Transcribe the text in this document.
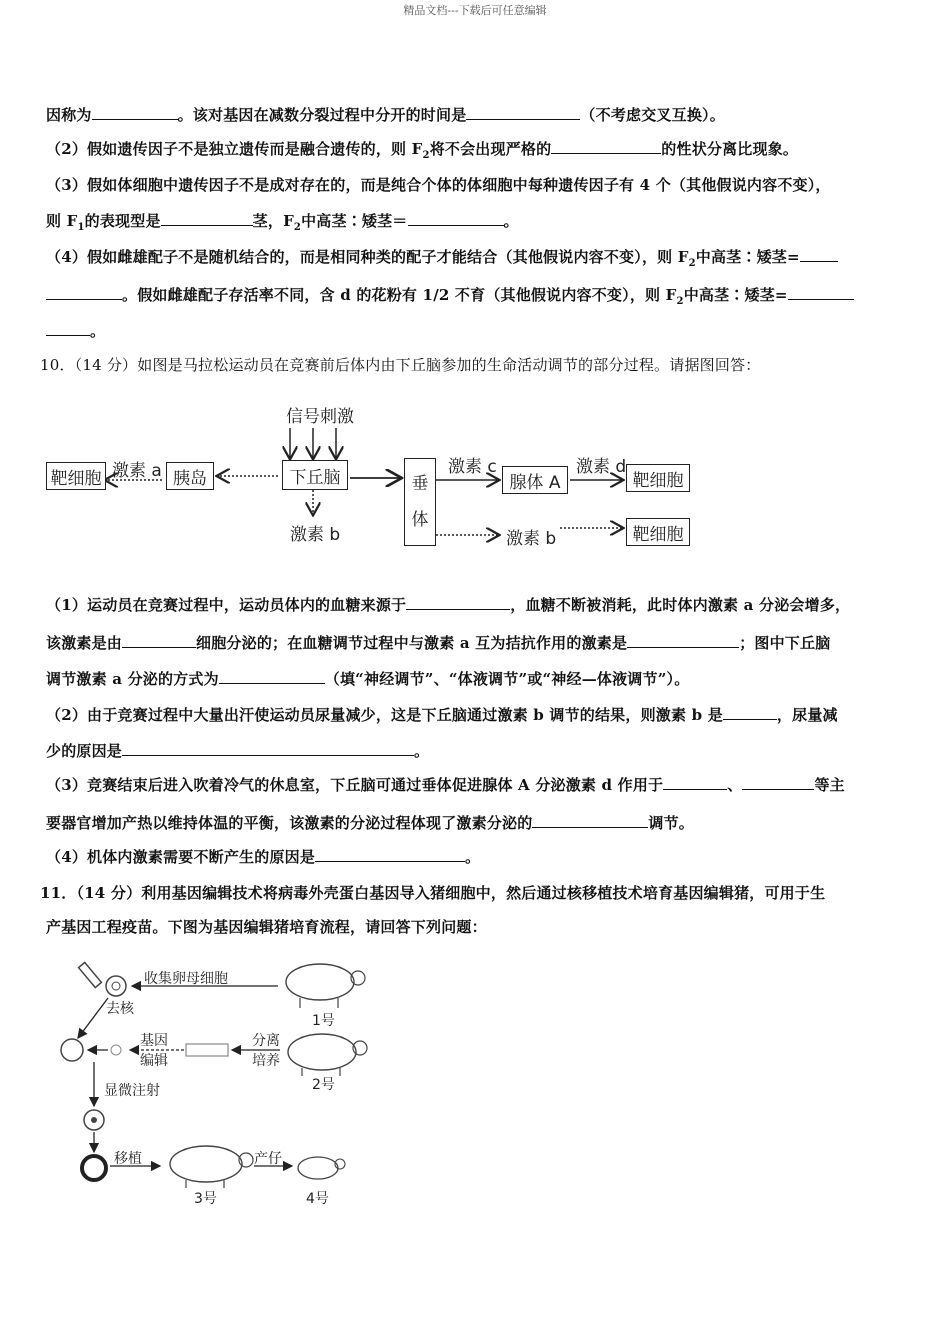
精品文档---下载后可任意编辑
因称为	。该对基因在减数分裂过程中分开的时间是	（不考虑交叉互换）。
（2）假如遗传因子不是独立遗传而是融合遗传的，则 $F_2$将不会出现严格的	的性状分离比现象。
（3）假如体细胞中遗传因子不是成对存在的，而是纯合个体的体细胞中每种遗传因子有 4 个（其他假说内容不变），
则 $F_1$的表现型是	茎，$F_2$中高茎∶矮茎＝	。
（4）假如雌雄配子不是随机结合的，而是相同种类的配子才能结合（其他假说内容不变），则 $F_2$中高茎∶矮茎=
。假如雌雄配子存活率不同，含 d 的花粉有 1/2 不育（其他假说内容不变），则 $F_2$中高茎∶矮茎=
。
10．（14 分）如图是马拉松运动员在竞赛前后体内由下丘脑参加的生命活动调节的部分过程。请据图回答：
信号刺激
靶细胞 激素 a 胰岛	下丘脑	垂

体
激素 c
腺体 A
激素 d
靶细胞
激素 b	激素 b	靶细胞
（1）运动员在竞赛过程中，运动员体内的血糖来源于	，血糖不断被消耗，此时体内激素 a 分泌会增多，
该激素是由	细胞分泌的；在血糖调节过程中与激素 a 互为拮抗作用的激素是	；图中下丘脑
调节激素 a 分泌的方式为	（填“神经调节”、“体液调节”或“神经—体液调节”）。
（2）由于竞赛过程中大量出汗使运动员尿量减少，这是下丘脑通过激素 b 调节的结果，则激素 b 是	，尿量减
少的原因是	。
（3）竞赛结束后进入吹着冷气的休息室，下丘脑可通过垂体促进腺体 A 分泌激素 d 作用于	、	等主
要器官增加产热以维持体温的平衡，该激素的分泌过程体现了激素分泌的	调节。
（4）机体内激素需要不断产生的原因是	。
11．（14 分）利用基因编辑技术将病毒外壳蛋白基因导入猪细胞中，然后通过核移植技术培育基因编辑猪，可用于生
产基因工程疫苗。下图为基因编辑猪培育流程，请回答下列问题：
收集卵母细胞
去核
1号
基因
编辑
分离
培养
2号
显微注射
移植	产仔
3号	4号
